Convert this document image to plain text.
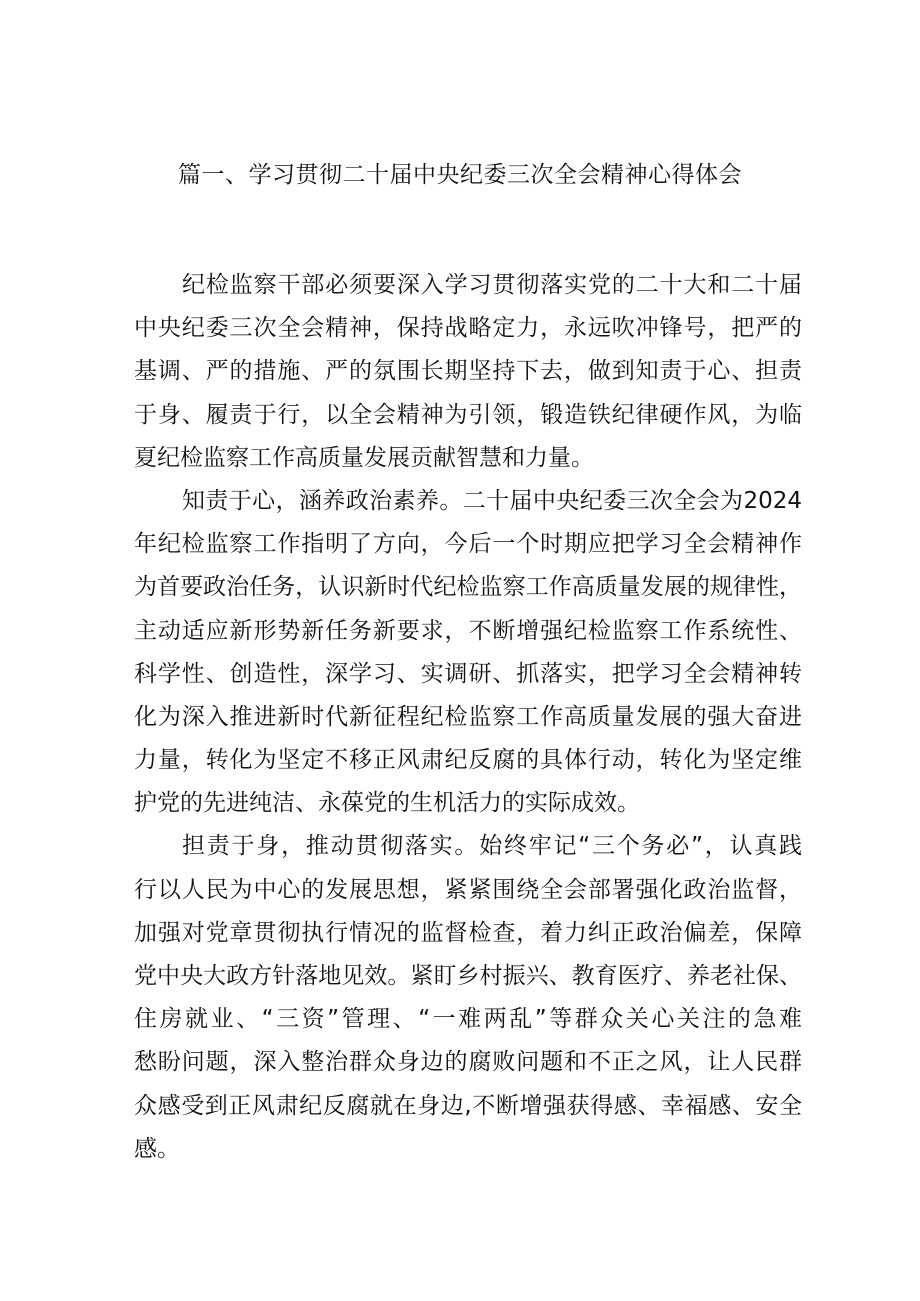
篇一、学习贯彻二十届中央纪委三次全会精神心得体会
纪检监察干部必须要深入学习贯彻落实党的二十大和二十届
中央纪委三次全会精神，保持战略定力，永远吹冲锋号，把严的
基调、严的措施、严的氛围长期坚持下去，做到知责于心、担责
于身、履责于行，以全会精神为引领，锻造铁纪律硬作风，为临
夏纪检监察工作高质量发展贡献智慧和力量。
知责于心，涵养政治素养。二十届中央纪委三次全会为2024
年纪检监察工作指明了方向，今后一个时期应把学习全会精神作
为首要政治任务，认识新时代纪检监察工作高质量发展的规律性，
主动适应新形势新任务新要求，不断增强纪检监察工作系统性、
科学性、创造性，深学习、实调研、抓落实，把学习全会精神转
化为深入推进新时代新征程纪检监察工作高质量发展的强大奋进
力量，转化为坚定不移正风肃纪反腐的具体行动，转化为坚定维
护党的先进纯洁、永葆党的生机活力的实际成效。
担责于身，推动贯彻落实。始终牢记“三个务必”，认真践
行以人民为中心的发展思想，紧紧围绕全会部署强化政治监督，
加强对党章贯彻执行情况的监督检查，着力纠正政治偏差，保障
党中央大政方针落地见效。紧盯乡村振兴、教育医疗、养老社保、
住房就业、“三资”管理、“一难两乱”等群众关心关注的急难
愁盼问题，深入整治群众身边的腐败问题和不正之风，让人民群
众感受到正风肃纪反腐就在身边,不断增强获得感、幸福感、安全
感。
